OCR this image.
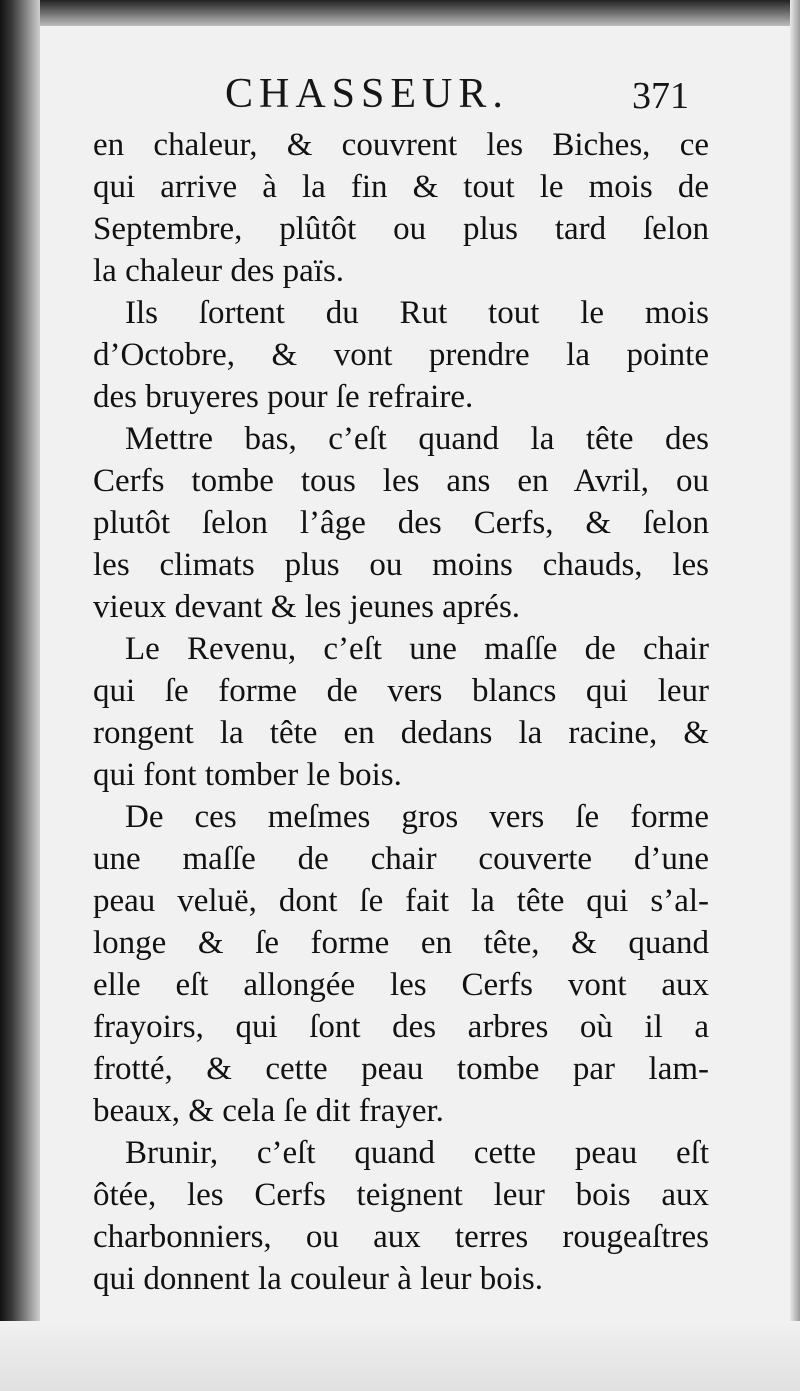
CHASSEUR.	371
en chaleur, & couvrent les Biches, ce
qui arrive à la fin & tout le mois de
Septembre, plûtôt ou plus tard ſelon
la chaleur des païs.
Ils ſortent du Rut tout le mois
d’Octobre, & vont prendre la pointe
des bruyeres pour ſe refraire.
Mettre bas, c’eſt quand la tête des
Cerfs tombe tous les ans en Avril, ou
plutôt ſelon l’âge des Cerfs, & ſelon
les climats plus ou moins chauds, les
vieux devant & les jeunes aprés.
Le Revenu, c’eſt une maſſe de chair
qui ſe forme de vers blancs qui leur
rongent la tête en dedans la racine, &
qui font tomber le bois.
De ces meſmes gros vers ſe forme
une maſſe de chair couverte d’une
peau veluë, dont ſe fait la tête qui s’al-
longe & ſe forme en tête, & quand
elle eſt allongée les Cerfs vont aux
frayoirs, qui ſont des arbres où il a
frotté, & cette peau tombe par lam-
beaux, & cela ſe dit frayer.
Brunir, c’eſt quand cette peau eſt
ôtée, les Cerfs teignent leur bois aux
charbonniers, ou aux terres rougeaſtres
qui donnent la couleur à leur bois.
